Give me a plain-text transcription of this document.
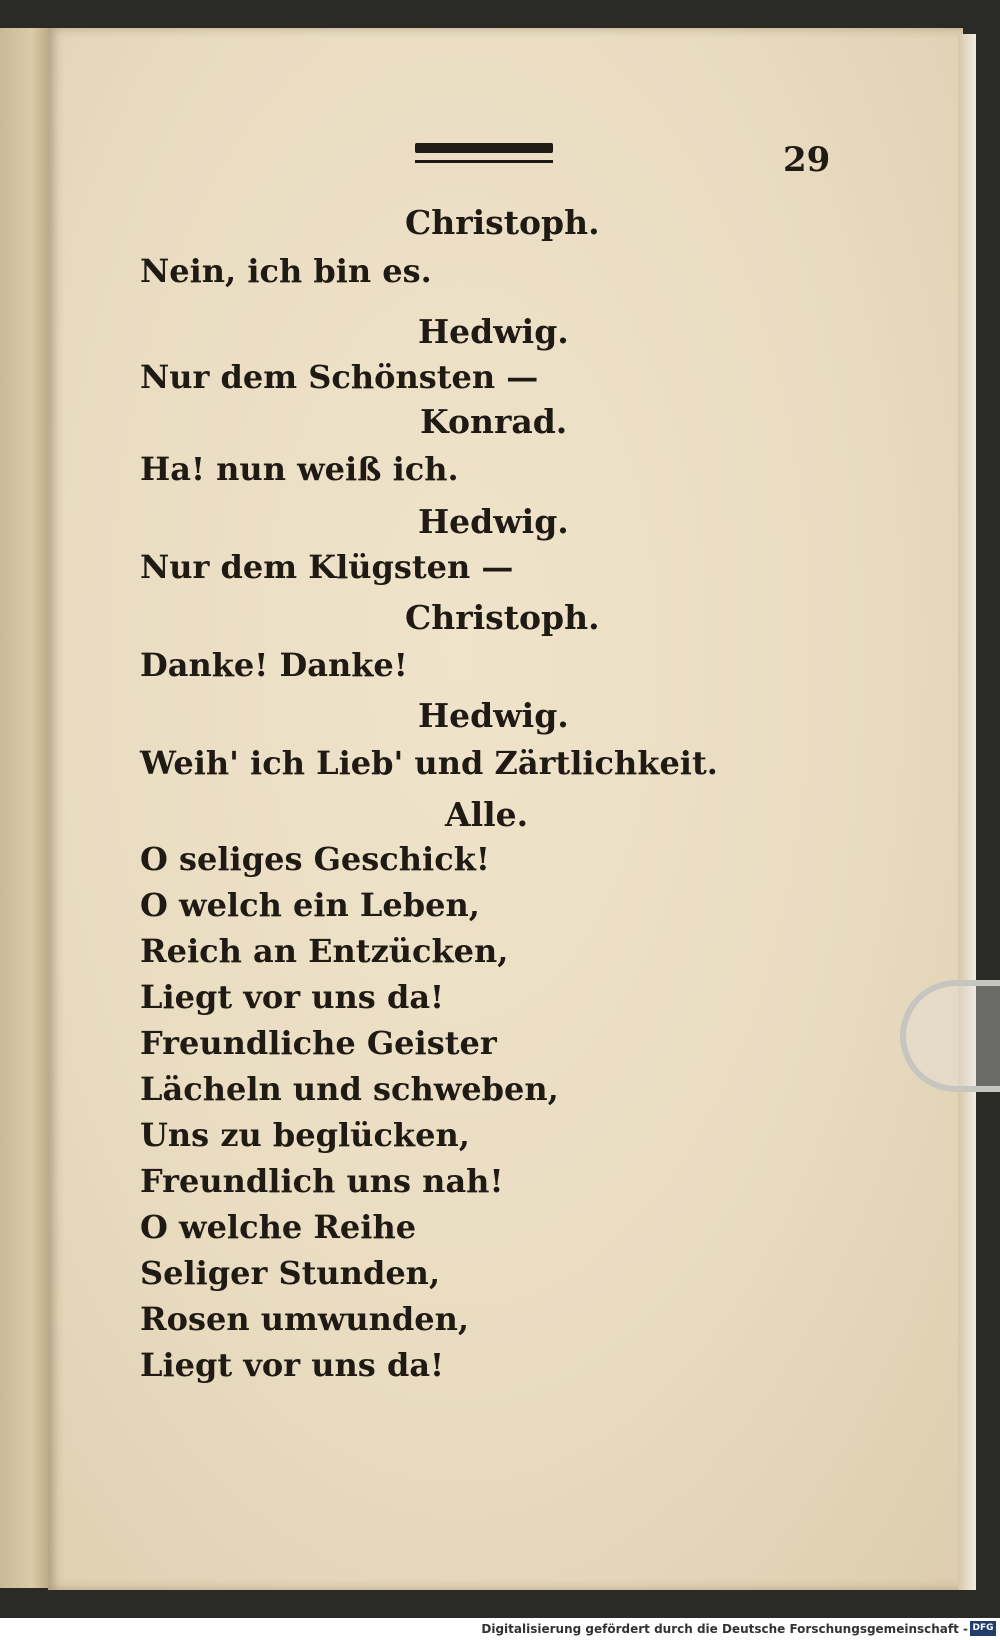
29
Christoph.
Nein, ich bin es.
Hedwig.
Nur dem Schönsten —
Konrad.
Ha! nun weiß ich.
Hedwig.
Nur dem Klügsten —
Christoph.
Danke! Danke!
Hedwig.
Weih' ich Lieb' und Zärtlichkeit.
Alle.
O seliges Geschick!
O welch ein Leben,
Reich an Entzücken,
Liegt vor uns da!
Freundliche Geister
Lächeln und schweben,
Uns zu beglücken,
Freundlich uns nah!
O welche Reihe
Seliger Stunden,
Rosen umwunden,
Liegt vor uns da!
Digitalisierung gefördert durch die Deutsche Forschungsgemeinschaft - DFG
